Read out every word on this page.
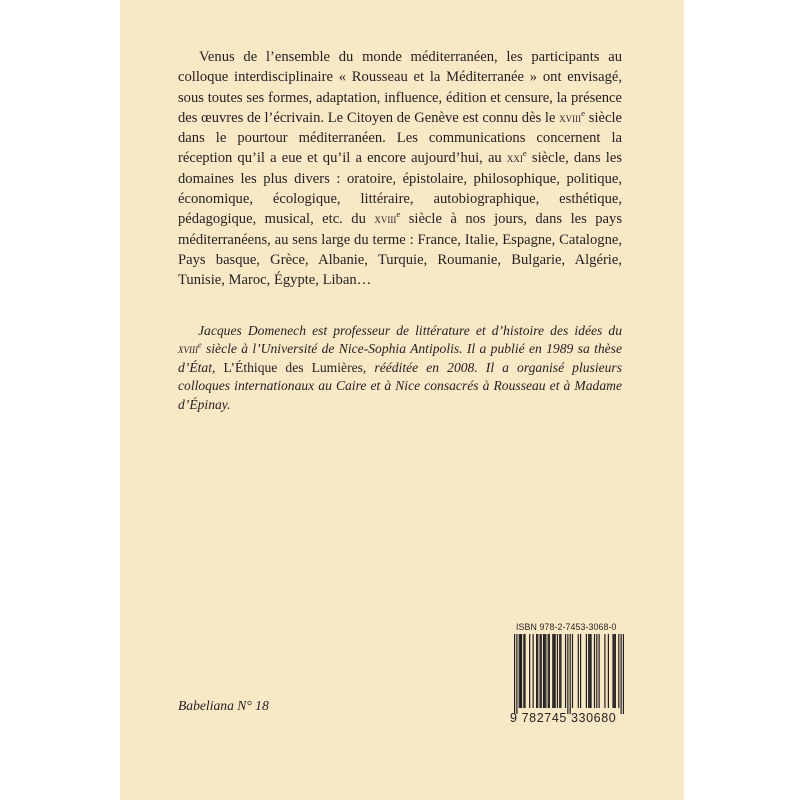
Venus de l’ensemble du monde méditerranéen, les participants au colloque interdisciplinaire « Rousseau et la Méditerranée » ont envisagé, sous toutes ses formes, adaptation, influence, édition et censure, la présence des œuvres de l’écrivain. Le Citoyen de Genève est connu dès le xviii$^e$ siècle dans le pourtour méditerranéen. Les communications concernent la réception qu’il a eue et qu’il a encore aujourd’hui, au xxi$^e$ siècle, dans les domaines les plus divers : oratoire, épistolaire, philosophique, politique, économique, écologique, littéraire, autobiographique, esthétique, pédagogique, musical, etc. du xviii$^e$ siècle à nos jours, dans les pays méditerranéens, au sens large du terme : France, Italie, Espagne, Catalogne, Pays basque, Grèce, Albanie, Turquie, Roumanie, Bulgarie, Algérie, Tunisie, Maroc, Égypte, Liban…

Jacques Domenech est professeur de littérature et d’histoire des idées du xviii$^e$ siècle à l’Université de Nice-Sophia Antipolis. Il a publié en 1989 sa thèse d’État, L’Éthique des Lumières, rééditée en 2008. Il a organisé plusieurs colloques internationaux au Caire et à Nice consacrés à Rousseau et à Madame d’Épinay.

Babeliana N° 18
ISBN 978-2-7453-3068-0
9 782745 330680
